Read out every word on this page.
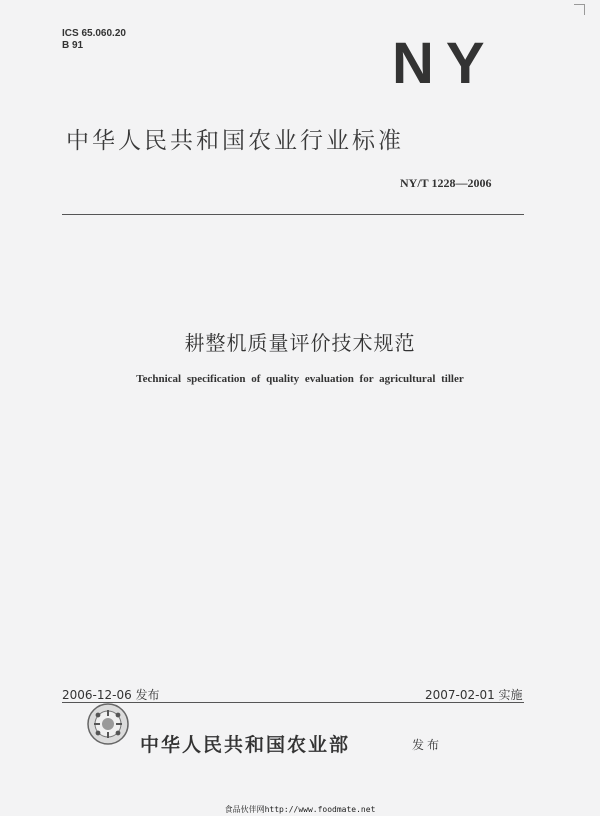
ICS 65.060.20
B 91	NY
中华人民共和国农业行业标准
NY/T 1228—2006
耕整机质量评价技术规范
Technical specification of quality evaluation for agricultural tiller
2006-12-06 发布	2007-02-01 实施
中华人民共和国农业部	发布
食品伙伴网http://www.foodmate.net
